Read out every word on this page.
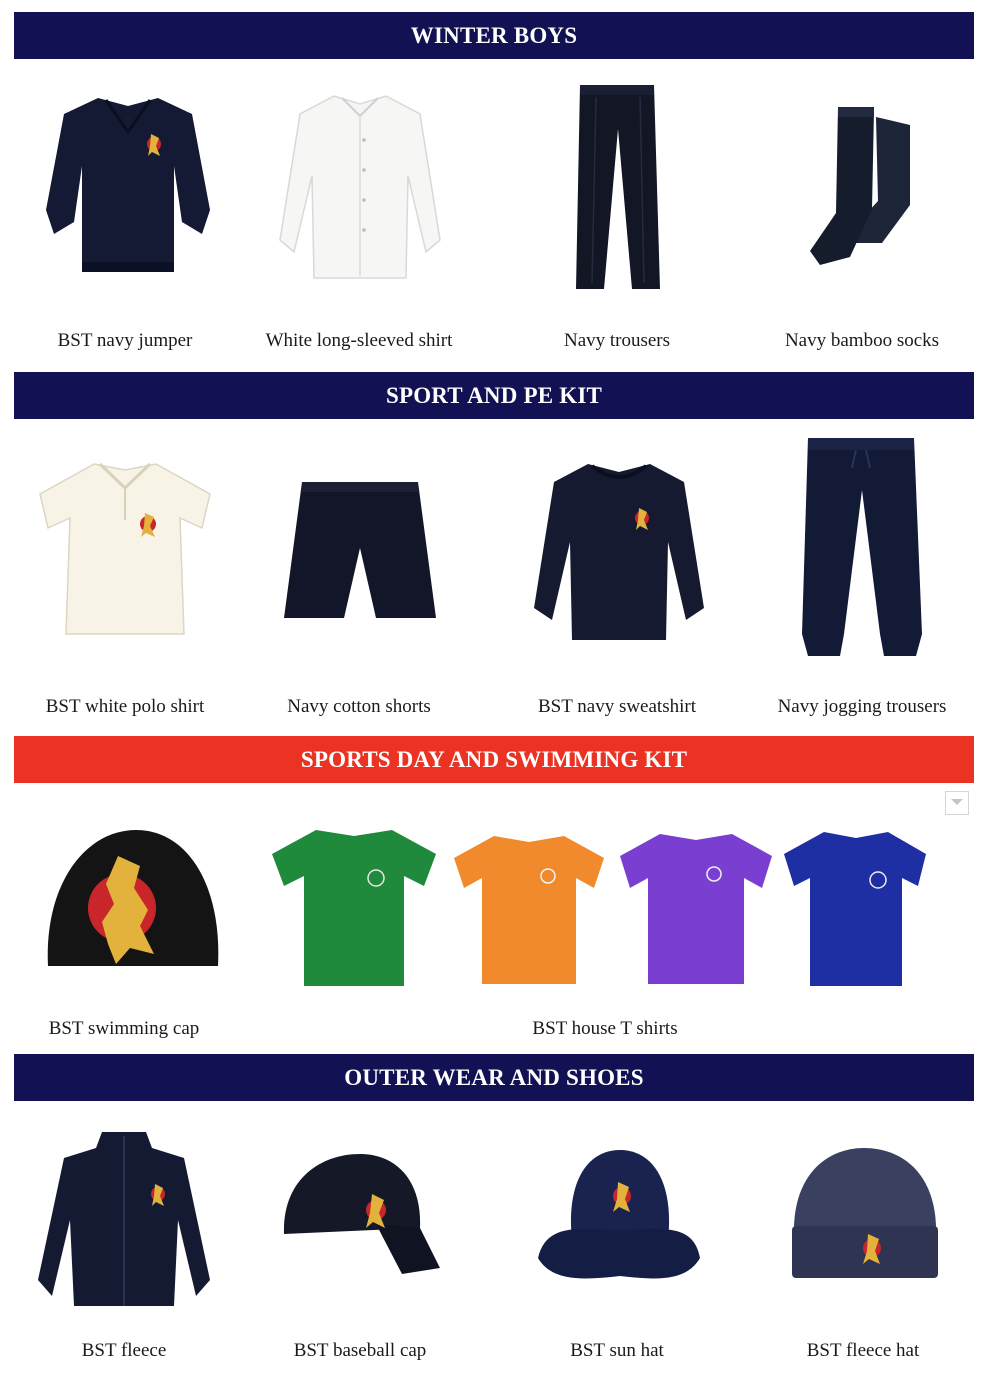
WINTER BOYS
BST navy jumper	White long-sleeved shirt	Navy trousers	Navy bamboo socks
SPORT AND PE KIT
BST white polo shirt	Navy cotton shorts	BST navy sweatshirt	Navy jogging trousers
SPORTS DAY AND SWIMMING KIT
BST swimming cap	BST house T shirts
OUTER WEAR AND SHOES
BST fleece	BST baseball cap	BST sun hat	BST fleece hat
